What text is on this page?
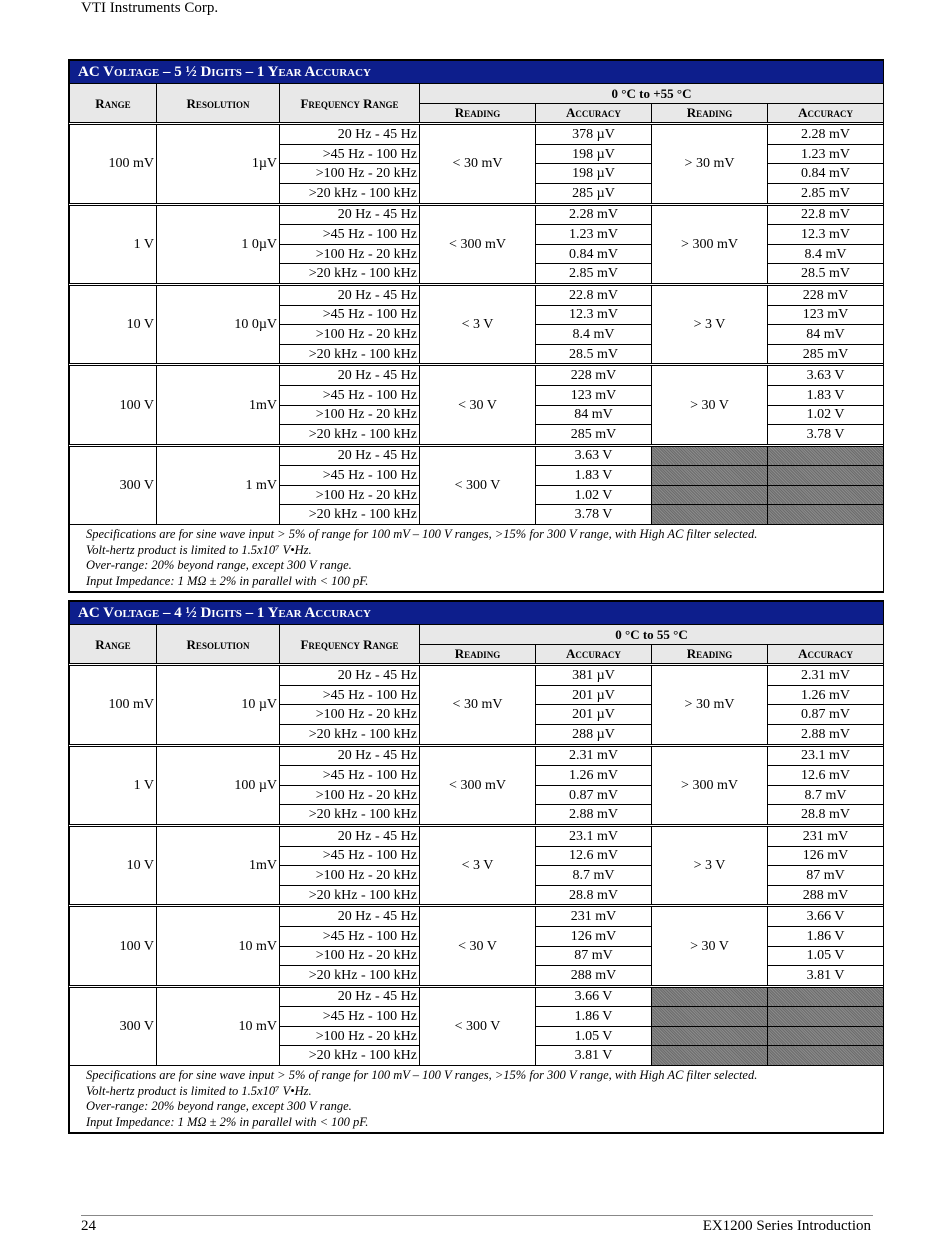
VTI Instruments Corp.
AC Voltage – 5 ½ Digits – 1 Year Accuracy						
Range	Resolution	Frequency Range	0 °C to +55 °C			
			Reading	Accuracy	Reading	Accuracy
100 mV	1µV	20 Hz - 45 Hz	< 30 mV	378 µV	> 30 mV	2.28 mV
		>45 Hz - 100 Hz		198 µV		1.23 mV
		>100 Hz - 20 kHz		198 µV		0.84 mV
		>20 kHz - 100 kHz		285 µV		2.85 mV
1 V	1 0µV	20 Hz - 45 Hz	< 300 mV	2.28 mV	> 300 mV	22.8 mV
		>45 Hz - 100 Hz		1.23 mV		12.3 mV
		>100 Hz - 20 kHz		0.84 mV		8.4 mV
		>20 kHz - 100 kHz		2.85 mV		28.5 mV
10 V	10 0µV	20 Hz - 45 Hz	< 3 V	22.8 mV	> 3 V	228 mV
		>45 Hz - 100 Hz		12.3 mV		123 mV
		>100 Hz - 20 kHz		8.4 mV		84 mV
		>20 kHz - 100 kHz		28.5 mV		285 mV
100 V	1mV	20 Hz - 45 Hz	< 30 V	228 mV	> 30 V	3.63 V
		>45 Hz - 100 Hz		123 mV		1.83 V
		>100 Hz - 20 kHz		84 mV		1.02 V
		>20 kHz - 100 kHz		285 mV		3.78 V
300 V	1 mV	20 Hz - 45 Hz	< 300 V	3.63 V		
		>45 Hz - 100 Hz		1.83 V		
		>100 Hz - 20 kHz		1.02 V		
		>20 kHz - 100 kHz		3.78 V		

Specifications are for sine wave input > 5% of range for 100 mV – 100 V ranges, >15% for 300 V range, with High AC filter selected.
Volt-hertz product is limited to 1.5x10⁷ V•Hz.
Over-range: 20% beyond range, except 300 V range.
Input Impedance: 1 MΩ ± 2% in parallel with < 100 pF.						
AC Voltage – 4 ½ Digits – 1 Year Accuracy						
Range	Resolution	Frequency Range	0 °C to 55 °C			
			Reading	Accuracy	Reading	Accuracy
100 mV	10 µV	20 Hz - 45 Hz	< 30 mV	381 µV	> 30 mV	2.31 mV
		>45 Hz - 100 Hz		201 µV		1.26 mV
		>100 Hz - 20 kHz		201 µV		0.87 mV
		>20 kHz - 100 kHz		288 µV		2.88 mV
1 V	100 µV	20 Hz - 45 Hz	< 300 mV	2.31 mV	> 300 mV	23.1 mV
		>45 Hz - 100 Hz		1.26 mV		12.6 mV
		>100 Hz - 20 kHz		0.87 mV		8.7 mV
		>20 kHz - 100 kHz		2.88 mV		28.8 mV
10 V	1mV	20 Hz - 45 Hz	< 3 V	23.1 mV	> 3 V	231 mV
		>45 Hz - 100 Hz		12.6 mV		126 mV
		>100 Hz - 20 kHz		8.7 mV		87 mV
		>20 kHz - 100 kHz		28.8 mV		288 mV
100 V	10 mV	20 Hz - 45 Hz	< 30 V	231 mV	> 30 V	3.66 V
		>45 Hz - 100 Hz		126 mV		1.86 V
		>100 Hz - 20 kHz		87 mV		1.05 V
		>20 kHz - 100 kHz		288 mV		3.81 V
300 V	10 mV	20 Hz - 45 Hz	< 300 V	3.66 V		
		>45 Hz - 100 Hz		1.86 V		
		>100 Hz - 20 kHz		1.05 V		
		>20 kHz - 100 kHz		3.81 V		

Specifications are for sine wave input > 5% of range for 100 mV – 100 V ranges, >15% for 300 V range, with High AC filter selected.
Volt-hertz product is limited to 1.5x10⁷ V•Hz.
Over-range: 20% beyond range, except 300 V range.
Input Impedance: 1 MΩ ± 2% in parallel with < 100 pF.						
24	EX1200 Series Introduction
